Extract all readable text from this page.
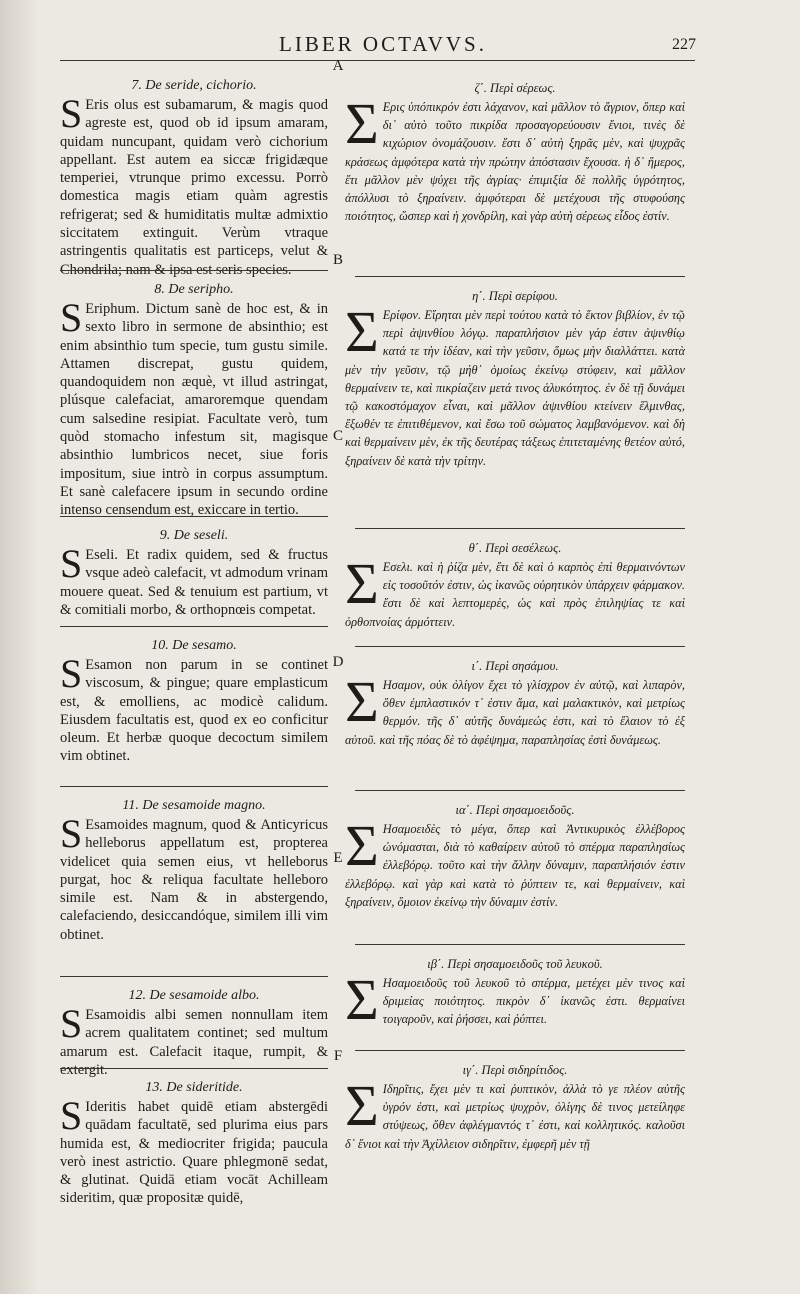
LIBER OCTAVVS.	227
A
B
C
D
E
F
7. De seride, cichorio.

S Eris olus est subamarum, & magis quod agreste est, quod ob id ipsum amaram, quidam nuncupant, quidam verò cichorium appellant. Est autem ea siccæ frigidæque temperiei, vtrunque primo excessu. Porrò domestica magis etiam quàm agrestis refrigerat; sed & humiditatis multæ admixtio siccitatem extinguit. Verùm vtraque astringentis qualitatis est particeps, velut & Chondrila; nam & ipsa est seris species.

8. De seripho.

S Eriphum. Dictum sanè de hoc est, & in sexto libro in sermone de absinthio; est enim absinthio tum specie, tum gustu simile. Attamen discrepat, gustu quidem, quandoquidem non æquè, vt illud astringat, plúsque calefaciat, amaroremque quendam cum salsedine resipiat. Facultate verò, tum quòd stomacho infestum sit, magisque absinthio lumbricos necet, siue foris impositum, siue intrò in corpus assumptum. Et sanè calefacere ipsum in secundo ordine intenso censendum est, exiccare in tertio.

9. De seseli.

S Eseli. Et radix quidem, sed & fructus vsque adeò calefacit, vt admodum vrinam mouere queat. Sed & tenuium est partium, vt & comitiali morbo, & orthopnœis competat.

10. De sesamo.

S Esamon non parum in se continet viscosum, & pingue; quare emplasticum est, & emolliens, ac modicè calidum. Eiusdem facultatis est, quod ex eo conficitur oleum. Et herbæ quoque decoctum similem vim obtinet.

11. De sesamoide magno.

S Esamoides magnum, quod & Anticyricus helleborus appellatum est, propterea videlicet quia semen eius, vt helleborus purgat, hoc & reliqua facultate helleboro simile est. Nam & in abstergendo, calefaciendo, desiccandóque, similem illi vim obtinet.

12. De sesamoide albo.

S Esamoidis albi semen nonnullam item acrem qualitatem continet; sed multum amarum est. Calefacit itaque, rumpit, & extergit.

13. De sideritide.

S Ideritis habet quidē etiam abstergēdi quādam facultatē, sed plurima eius pars humida est, & mediocriter frigida; paucula verò inest astrictio. Quare phlegmonē sedat, & glutinat. Quidā etiam vocāt Achilleam sideritim, quæ propositæ quidē,

ζ΄. Περὶ σέρεως.

Σ Ερις ὑπόπικρόν ἐστι λάχανον, καὶ μᾶλλον τὸ ἄγριον, ὅπερ καὶ δι᾽ αὐτὸ τοῦτο πικρίδα προσαγορεύουσιν ἔνιοι, τινὲς δὲ κιχώριον ὀνομάζουσιν. ἔστι δ᾽ αὐτὴ ξηρᾶς μὲν, καὶ ψυχρᾶς κράσεως ἀμφότερα κατὰ τὴν πρώτην ἀπόστασιν ἔχουσα. ἡ δ᾽ ἥμερος, ἔτι μᾶλλον μὲν ψύχει τῆς ἀγρίας· ἐπιμιξία δὲ πολλῆς ὑγρότητος, ἀπόλλυσι τὸ ξηραίνειν. ἀμφότεραι δὲ μετέχουσι τῆς στυφούσης ποιότητος, ὥσπερ καὶ ἡ χονδρίλη, καὶ γὰρ αὐτὴ σέρεως εἶδος ἐστίν.

η΄. Περὶ σερίφου.

Σ Ερίφον. Εἴρηται μὲν περὶ τούτου κατὰ τὸ ἕκτον βιβλίον, ἐν τῷ περὶ ἀψινθίου λόγῳ. παραπλήσιον μὲν γάρ ἐστιν ἀψινθίῳ κατά τε τὴν ἰδέαν, καὶ τὴν γεῦσιν, ὅμως μὴν διαλλάττει. κατὰ μὲν τὴν γεῦσιν, τῷ μήθ᾽ ὁμοίως ἐκείνῳ στύφειν, καὶ μᾶλλον θερμαίνειν τε, καὶ πικρίαζειν μετά τινος ἁλυκότητος. ἐν δὲ τῇ δυνάμει τῷ κακοστόμαχον εἶναι, καὶ μᾶλλον ἀψινθίου κτείνειν ἕλμινθας, ἔξωθέν τε ἐπιτιθέμενον, καὶ ἔσω τοῦ σώματος λαμβανόμενον. καὶ δὴ καὶ θερμαίνειν μὲν, ἐκ τῆς δευτέρας τάξεως ἐπιτεταμένης θετέον αὐτό, ξηραίνειν δὲ κατὰ τὴν τρίτην.

θ΄. Περὶ σεσέλεως.

Σ Εσελι. καὶ ἡ ῥίζα μὲν, ἔτι δὲ καὶ ὁ καρπὸς ἐπὶ θερμαινόντων εἰς τοσοῦτόν ἐστιν, ὡς ἱκανῶς οὐρητικὸν ὑπάρχειν φάρμακον. ἔστι δὲ καὶ λεπτομερὲς, ὡς καὶ πρὸς ἐπιληψίας τε καὶ ὀρθοπνοίας ἁρμόττειν.

ι΄. Περὶ σησάμου.

Σ Ησαμον, οὐκ ὀλίγον ἔχει τὸ γλίσχρον ἐν αὐτῷ, καὶ λιπαρὸν, ὅθεν ἐμπλαστικόν τ᾽ ἐστιν ἅμα, καὶ μαλακτικὸν, καὶ μετρίως θερμόν. τῆς δ᾽ αὐτῆς δυνάμεώς ἐστι, καὶ τὸ ἔλαιον τὸ ἐξ αὐτοῦ. καὶ τῆς πόας δὲ τὸ ἀφέψημα, παραπλησίας ἐστὶ δυνάμεως.

ια΄. Περὶ σησαμοειδοῦς.

Σ Ησαμοειδὲς τὸ μέγα, ὅπερ καὶ Ἀντικυρικὸς ἐλλέβορος ὠνόμασται, διὰ τὸ καθαίρειν αὐτοῦ τὸ σπέρμα παραπλησίως ἐλλεβόρῳ. τοῦτο καὶ τὴν ἄλλην δύναμιν, παραπλήσιόν ἐστιν ἐλλεβόρῳ. καὶ γὰρ καὶ κατὰ τὸ ῥύπτειν τε, καὶ θερμαίνειν, καὶ ξηραίνειν, ὅμοιον ἐκείνῳ τὴν δύναμιν ἐστίν.

ιβ΄. Περὶ σησαμοειδοῦς τοῦ λευκοῦ.

Σ Ησαμοειδοῦς τοῦ λευκοῦ τὸ σπέρμα, μετέχει μὲν τινος καὶ δριμείας ποιότητος. πικρὸν δ᾽ ἱκανῶς ἐστι. θερμαίνει τοιγαροῦν, καὶ ῥήσσει, καὶ ῥύπτει.

ιγ΄. Περὶ σιδηρίτιδος.

Σ Ιδηρῖτις, ἔχει μὲν τι καὶ ῥυπτικὸν, ἀλλὰ τὸ γε πλέον αὐτῆς ὑγρόν ἐστι, καὶ μετρίως ψυχρὸν, ὀλίγης δὲ τινος μετείληφε στύψεως, ὅθεν ἀφλέγμαντός τ᾽ ἐστι, καὶ κολλητικός. καλοῦσι δ᾽ ἔνιοι καὶ τὴν Ἀχίλλειον σιδηρῖτιν, ἐμφερῆ μὲν τῇ
